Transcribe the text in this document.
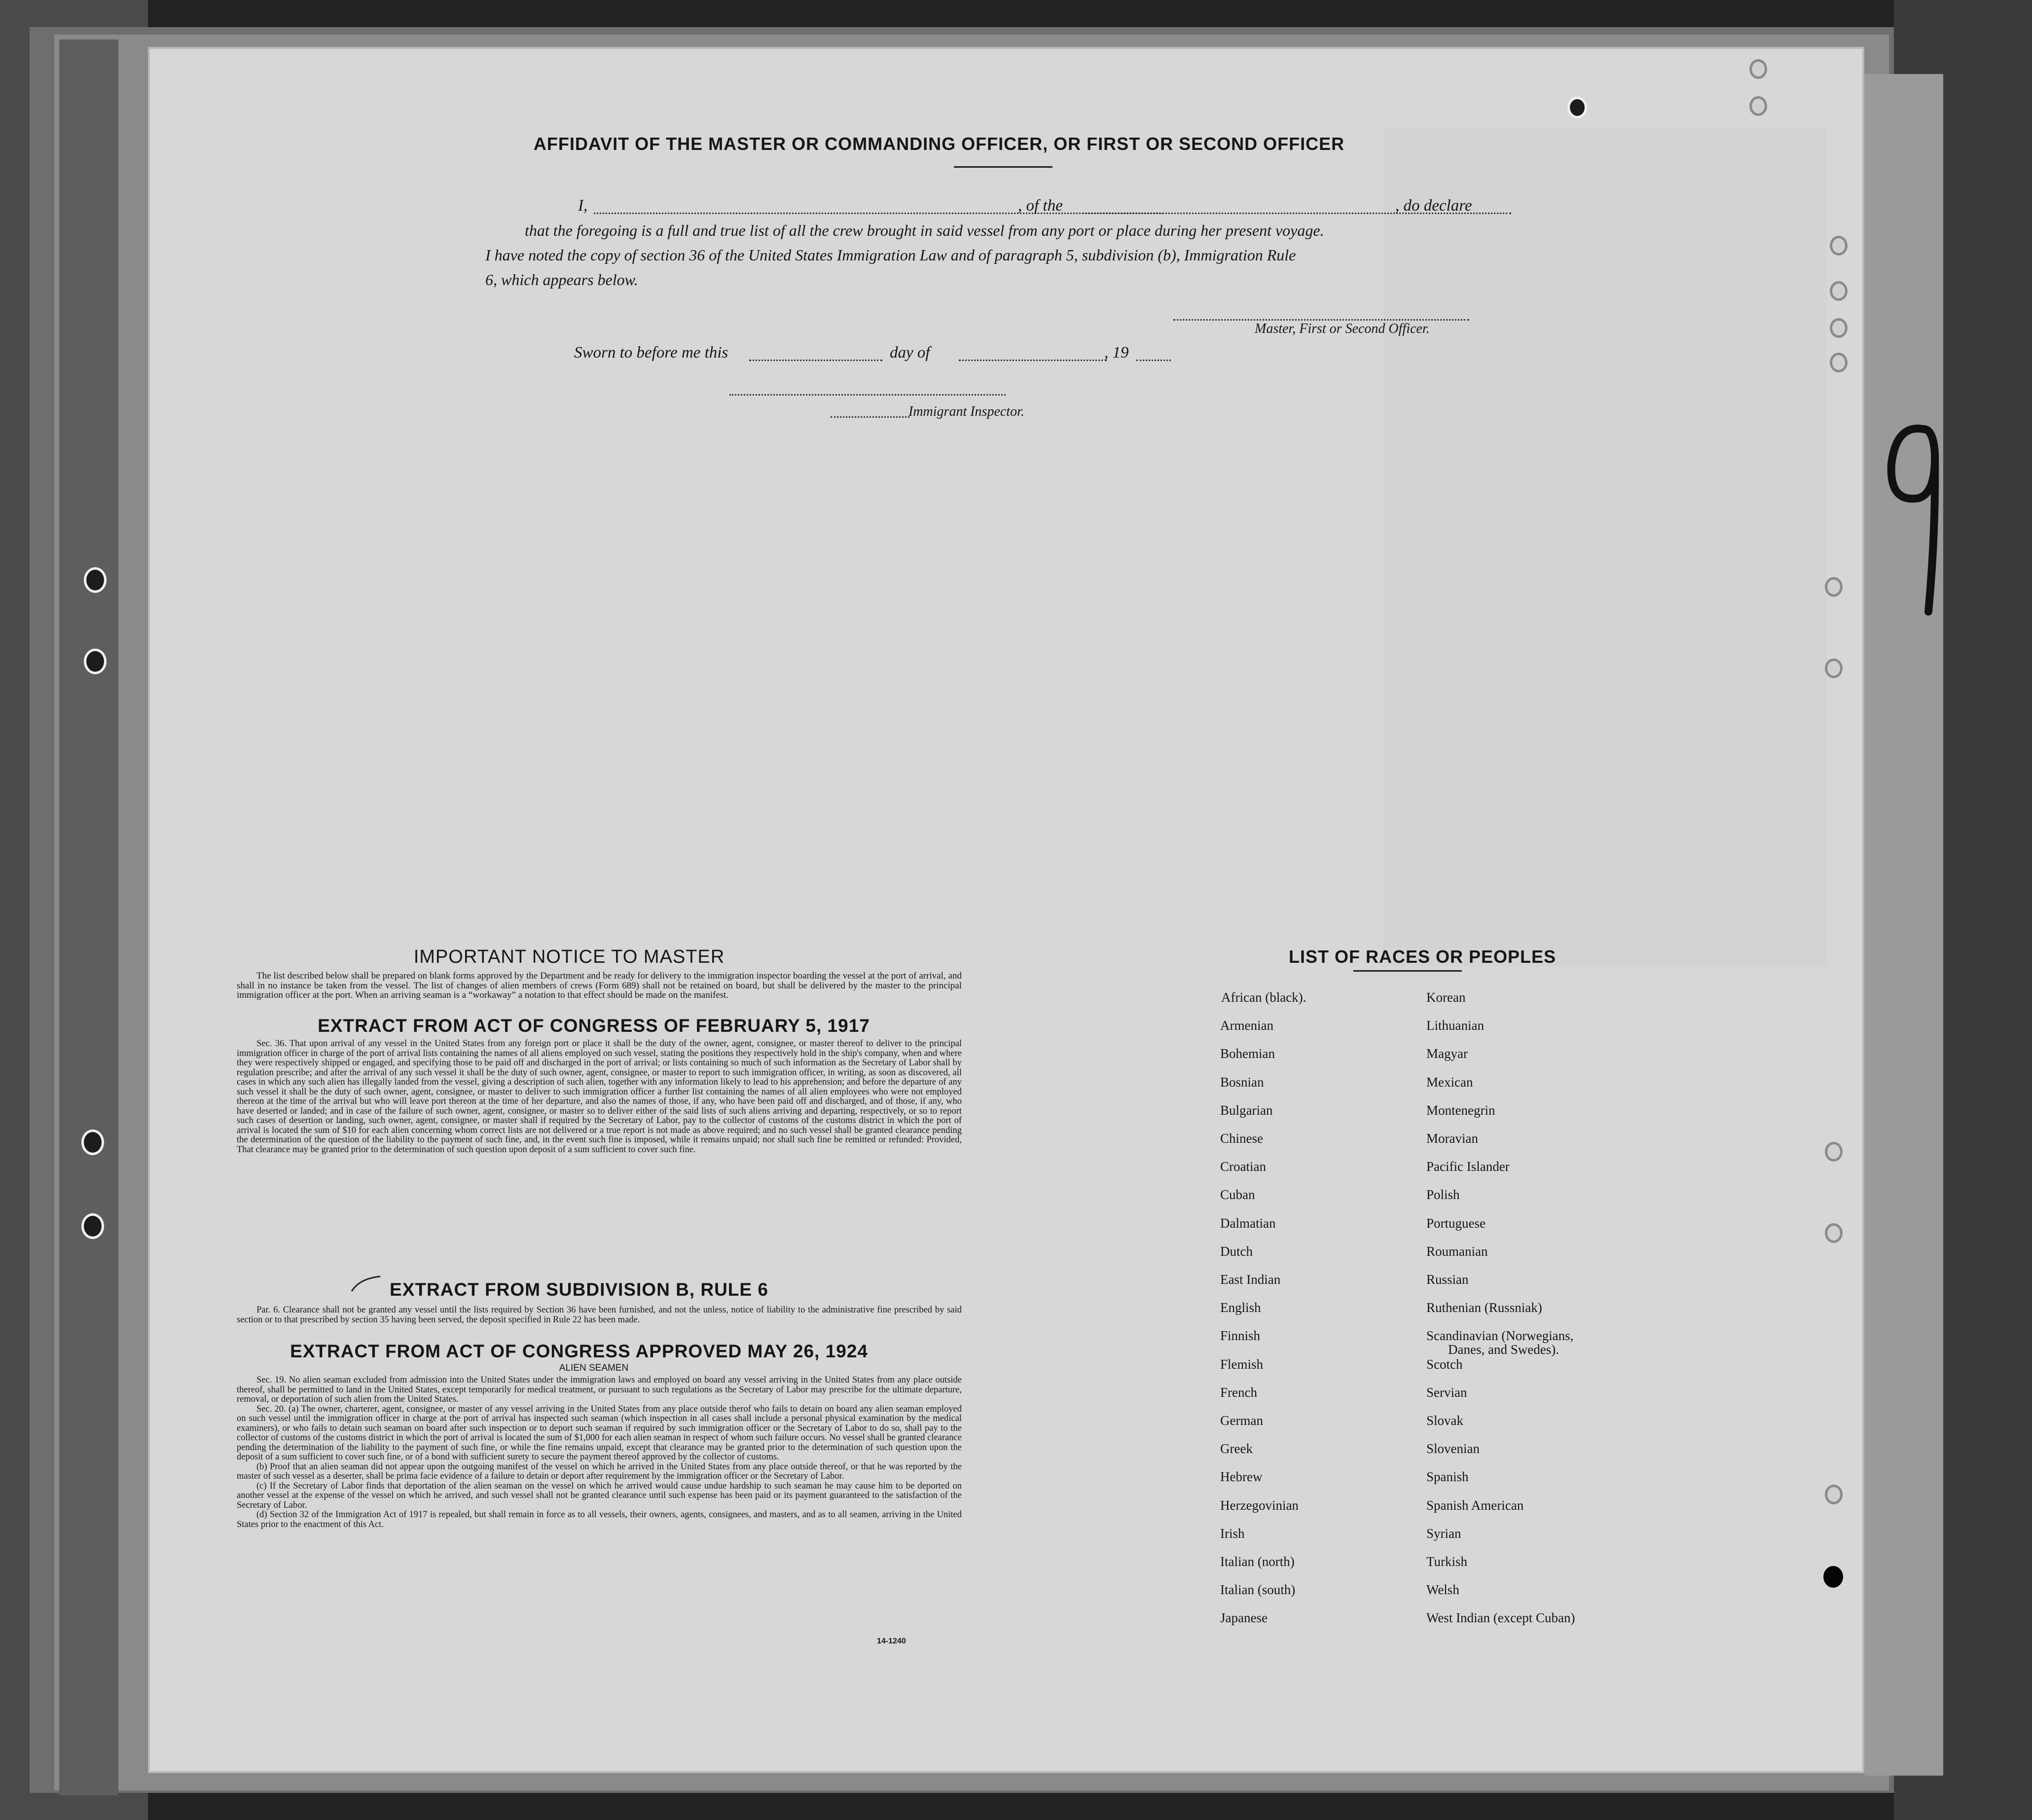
AFFIDAVIT OF THE MASTER OR COMMANDING OFFICER, OR FIRST OR SECOND OFFICER
I,	, of the	, do declare
that the foregoing is a full and true list of all the crew brought in said vessel from any port or place during her present voyage.
I have noted the copy of section 36 of the United States Immigration Law and of paragraph 5, subdivision (b), Immigration Rule
6, which appears below.
Master, First or Second Officer.
Sworn to before me this	day of	, 19
Immigrant Inspector.
IMPORTANT NOTICE TO MASTER

The list described below shall be prepared on blank forms approved by the Department and be ready for delivery to the immigration inspector boarding the vessel at the port of arrival, and shall in no instance be taken from the vessel. The list of changes of alien members of crews (Form 689) shall not be retained on board, but shall be delivered by the master to the principal immigration officer at the port. When an arriving seaman is a “workaway” a notation to that effect should be made on the manifest.

EXTRACT FROM ACT OF CONGRESS OF FEBRUARY 5, 1917

Sec. 36. That upon arrival of any vessel in the United States from any foreign port or place it shall be the duty of the owner, agent, consignee, or master thereof to deliver to the principal immigration officer in charge of the port of arrival lists containing the names of all aliens employed on such vessel, stating the positions they respectively hold in the ship's company, when and where they were respectively shipped or engaged, and specifying those to be paid off and discharged in the port of arrival; or lists containing so much of such information as the Secretary of Labor shall by regulation prescribe; and after the arrival of any such vessel it shall be the duty of such owner, agent, consignee, or master to report to such immigration officer, in writing, as soon as discovered, all cases in which any such alien has illegally landed from the vessel, giving a description of such alien, together with any information likely to lead to his apprehension; and before the departure of any such vessel it shall be the duty of such owner, agent, consignee, or master to deliver to such immigration officer a further list containing the names of all alien employees who were not employed thereon at the time of the arrival but who will leave port thereon at the time of her departure, and also the names of those, if any, who have been paid off and discharged, and of those, if any, who have deserted or landed; and in case of the failure of such owner, agent, consignee, or master so to deliver either of the said lists of such aliens arriving and departing, respectively, or so to report such cases of desertion or landing, such owner, agent, consignee, or master shall if required by the Secretary of Labor, pay to the collector of customs of the customs district in which the port of arrival is located the sum of $10 for each alien concerning whom correct lists are not delivered or a true report is not made as above required; and no such vessel shall be granted clearance pending the determination of the question of the liability to the payment of such fine, and, in the event such fine is imposed, while it remains unpaid; nor shall such fine be remitted or refunded: Provided, That clearance may be granted prior to the determination of such question upon deposit of a sum sufficient to cover such fine.

EXTRACT FROM SUBDIVISION B, RULE 6

Par. 6. Clearance shall not be granted any vessel until the lists required by Section 36 have been furnished, and not the unless, notice of liability to the administrative fine prescribed by said section or to that prescribed by section 35 having been served, the deposit specified in Rule 22 has been made.

EXTRACT FROM ACT OF CONGRESS APPROVED MAY 26, 1924
ALIEN SEAMEN

Sec. 19. No alien seaman excluded from admission into the United States under the immigration laws and employed on board any vessel arriving in the United States from any place outside thereof, shall be permitted to land in the United States, except temporarily for medical treatment, or pursuant to such regulations as the Secretary of Labor may prescribe for the ultimate departure, removal, or deportation of such alien from the United States.

Sec. 20. (a) The owner, charterer, agent, consignee, or master of any vessel arriving in the United States from any place outside therof who fails to detain on board any alien seaman employed on such vessel until the immigration officer in charge at the port of arrival has inspected such seaman (which inspection in all cases shall include a personal physical examination by the medical examiners), or who fails to detain such seaman on board after such inspection or to deport such seaman if required by such immigration officer or the Secretary of Labor to do so, shall pay to the collector of customs of the customs district in which the port of arrival is located the sum of $1,000 for each alien seaman in respect of whom such failure occurs. No vessel shall be granted clearance pending the determination of the liability to the payment of such fine, or while the fine remains unpaid, except that clearance may be granted prior to the determination of such question upon the deposit of a sum sufficient to cover such fine, or of a bond with sufficient surety to secure the payment thereof approved by the collector of customs.

(b) Proof that an alien seaman did not appear upon the outgoing manifest of the vessel on which he arrived in the United States from any place outside thereof, or that he was reported by the master of such vessel as a deserter, shall be prima facie evidence of a failure to detain or deport after requirement by the immigration officer or the Secretary of Labor.

(c) If the Secretary of Labor finds that deportation of the alien seaman on the vessel on which he arrived would cause undue hardship to such seaman he may cause him to be deported on another vessel at the expense of the vessel on which he arrived, and such vessel shall not be granted clearance until such expense has been paid or its payment guaranteed to the satisfaction of the Secretary of Labor.

(d) Section 32 of the Immigration Act of 1917 is repealed, but shall remain in force as to all vessels, their owners, agents, consignees, and masters, and as to all seamen, arriving in the United States prior to the enactment of this Act.

14-1240
LIST OF RACES OR PEOPLES
African (black).
Armenian
Bohemian
Bosnian
Bulgarian
Chinese
Croatian
Cuban
Dalmatian
Dutch
East Indian
English
Finnish
Flemish
French
German
Greek
Hebrew
Herzegovinian
Irish
Italian (north)
Italian (south)
Japanese
Korean
Lithuanian
Magyar
Mexican
Montenegrin
Moravian
Pacific Islander
Polish
Portuguese
Roumanian
Russian
Ruthenian (Russniak)
Scandinavian (Norwegians,
Danes, and Swedes).
Scotch
Servian
Slovak
Slovenian
Spanish
Spanish American
Syrian
Turkish
Welsh
West Indian (except Cuban)
